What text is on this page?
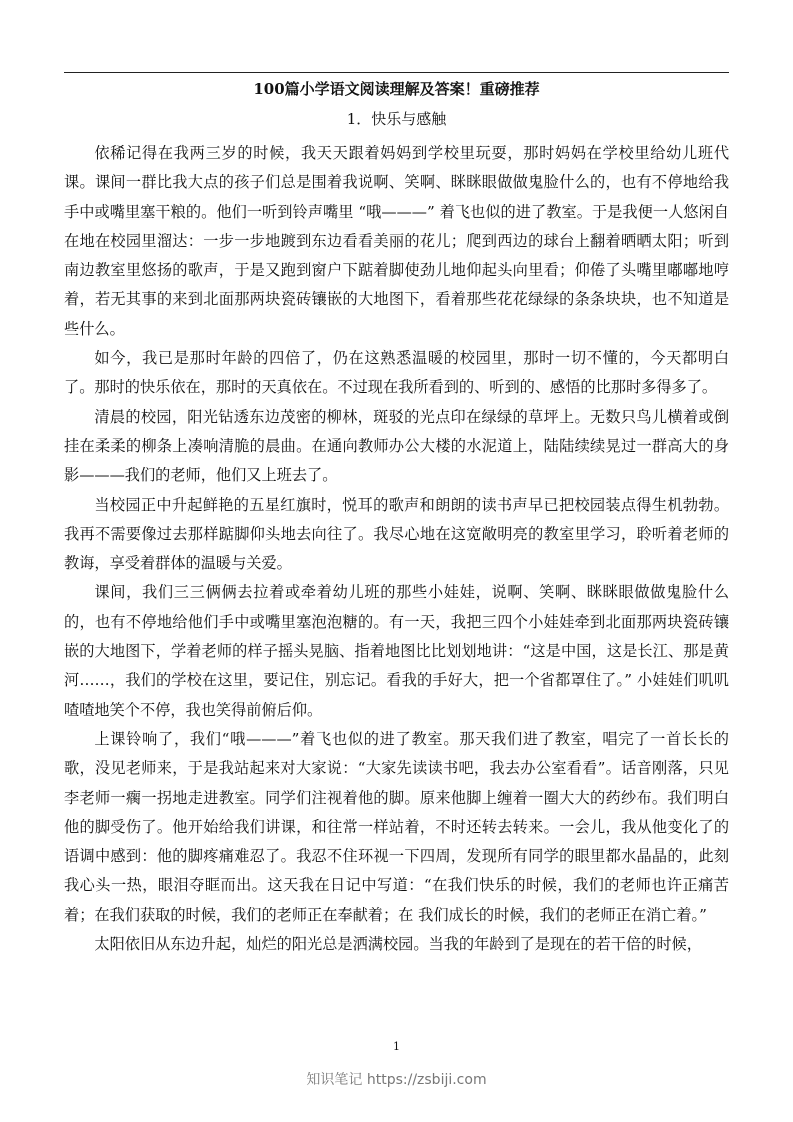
100篇小学语文阅读理解及答案！重磅推荐
1．快乐与感触

依稀记得在我两三岁的时候，我天天跟着妈妈到学校里玩耍，那时妈妈在学校里给幼儿班代课。课间一群比我大点的孩子们总是围着我说啊、笑啊、眯眯眼做做鬼脸什么的，也有不停地给我手中或嘴里塞干粮的。他们一听到铃声嘴里 “哦———” 着飞也似的进了教室。于是我便一人悠闲自在地在校园里溜达：一步一步地踱到东边看看美丽的花儿；爬到西边的球台上翻着晒晒太阳；听到南边教室里悠扬的歌声，于是又跑到窗户下踮着脚使劲儿地仰起头向里看；仰倦了头嘴里嘟嘟地哼着，若无其事的来到北面那两块瓷砖镶嵌的大地图下，看着那些花花绿绿的条条块块，也不知道是些什么。

如今，我已是那时年龄的四倍了，仍在这熟悉温暖的校园里，那时一切不懂的，今天都明白了。那时的快乐依在，那时的天真依在。不过现在我所看到的、听到的、感悟的比那时多得多了。

清晨的校园，阳光钻透东边茂密的柳林，斑驳的光点印在绿绿的草坪上。无数只鸟儿横着或倒挂在柔柔的柳条上凑响清脆的晨曲。在通向教师办公大楼的水泥道上，陆陆续续晃过一群高大的身影———我们的老师，他们又上班去了。

当校园正中升起鲜艳的五星红旗时，悦耳的歌声和朗朗的读书声早已把校园装点得生机勃勃。我再不需要像过去那样踮脚仰头地去向往了。我尽心地在这宽敞明亮的教室里学习，聆听着老师的教诲，享受着群体的温暖与关爱。

课间，我们三三俩俩去拉着或牵着幼儿班的那些小娃娃，说啊、笑啊、眯眯眼做做鬼脸什么的，也有不停地给他们手中或嘴里塞泡泡糖的。有一天，我把三四个小娃娃牵到北面那两块瓷砖镶嵌的大地图下，学着老师的样子摇头晃脑、指着地图比比划划地讲：“这是中国，这是长江、那是黄河……，我们的学校在这里，要记住，别忘记。看我的手好大，把一个省都罩住了。” 小娃娃们叽叽喳喳地笑个不停，我也笑得前俯后仰。

上课铃响了，我们“哦———”着飞也似的进了教室。那天我们进了教室，唱完了一首长长的歌，没见老师来，于是我站起来对大家说：“大家先读读书吧，我去办公室看看”。话音刚落，只见李老师一瘸一拐地走进教室。同学们注视着他的脚。原来他脚上缠着一圈大大的药纱布。我们明白他的脚受伤了。他开始给我们讲课，和往常一样站着，不时还转去转来。一会儿，我从他变化了的语调中感到：他的脚疼痛难忍了。我忍不住环视一下四周，发现所有同学的眼里都水晶晶的，此刻我心头一热，眼泪夺眶而出。这天我在日记中写道：“在我们快乐的时候，我们的老师也许正痛苦着；在我们获取的时候，我们的老师正在奉献着；在 我们成长的时候，我们的老师正在消亡着。”

太阳依旧从东边升起，灿烂的阳光总是洒满校园。当我的年龄到了是现在的若干倍的时候，

1
知识笔记 https://zsbiji.com
